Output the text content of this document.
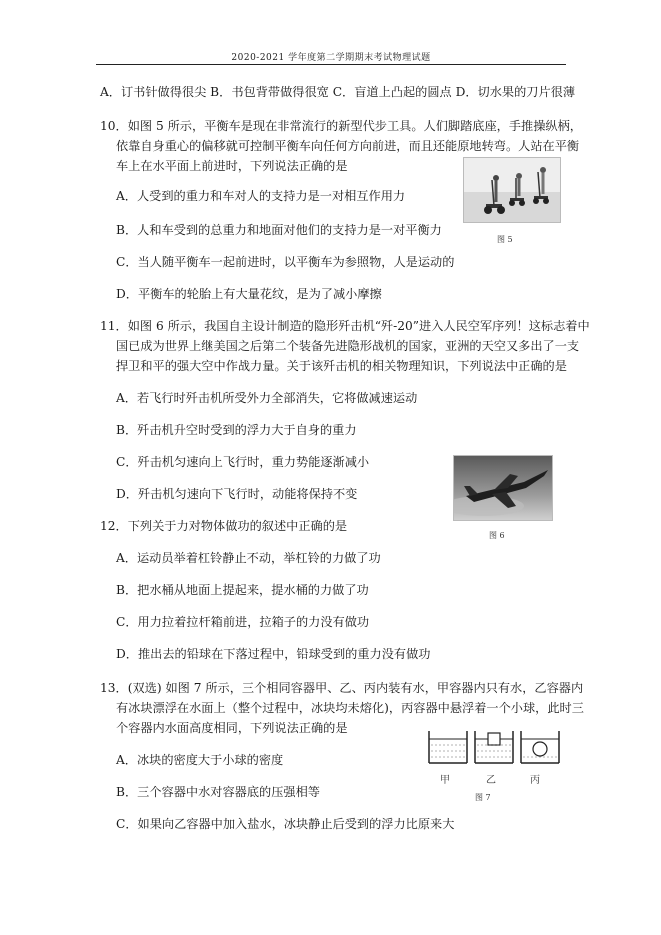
2020-2021 学年度第二学期期末考试物理试题
A．订书针做得很尖 B．书包背带做得很宽 C．盲道上凸起的圆点 D．切水果的刀片很薄
10．如图 5 所示，平衡车是现在非常流行的新型代步工具。人们脚踏底座，手推操纵柄，
依靠自身重心的偏移就可控制平衡车向任何方向前进，而且还能原地转弯。人站在平衡
车上在水平面上前进时，下列说法正确的是
A．人受到的重力和车对人的支持力是一对相互作用力
B．人和车受到的总重力和地面对他们的支持力是一对平衡力
C．当人随平衡车一起前进时，以平衡车为参照物，人是运动的
D．平衡车的轮胎上有大量花纹，是为了减小摩擦
图 5
11．如图 6 所示，我国自主设计制造的隐形歼击机“歼-20”进入人民空军序列！这标志着中
国已成为世界上继美国之后第二个装备先进隐形战机的国家，亚洲的天空又多出了一支
捍卫和平的强大空中作战力量。关于该歼击机的相关物理知识，下列说法中正确的是
A．若飞行时歼击机所受外力全部消失，它将做减速运动
B．歼击机升空时受到的浮力大于自身的重力
C．歼击机匀速向上飞行时，重力势能逐渐减小
D．歼击机匀速向下飞行时，动能将保持不变
图 6
12．下列关于力对物体做功的叙述中正确的是
A．运动员举着杠铃静止不动，举杠铃的力做了功
B．把水桶从地面上提起来，提水桶的力做了功
C．用力拉着拉杆箱前进，拉箱子的力没有做功
D．推出去的铅球在下落过程中，铅球受到的重力没有做功
13．(双选) 如图 7 所示，三个相同容器甲、乙、丙内装有水，甲容器内只有水，乙容器内
有冰块漂浮在水面上（整个过程中，冰块均未熔化)，丙容器中悬浮着一个小球，此时三
个容器内水面高度相同，下列说法正确的是
A．冰块的密度大于小球的密度
B．三个容器中水对容器底的压强相等
C．如果向乙容器中加入盐水，冰块静止后受到的浮力比原来大
甲	乙	丙
图 7
